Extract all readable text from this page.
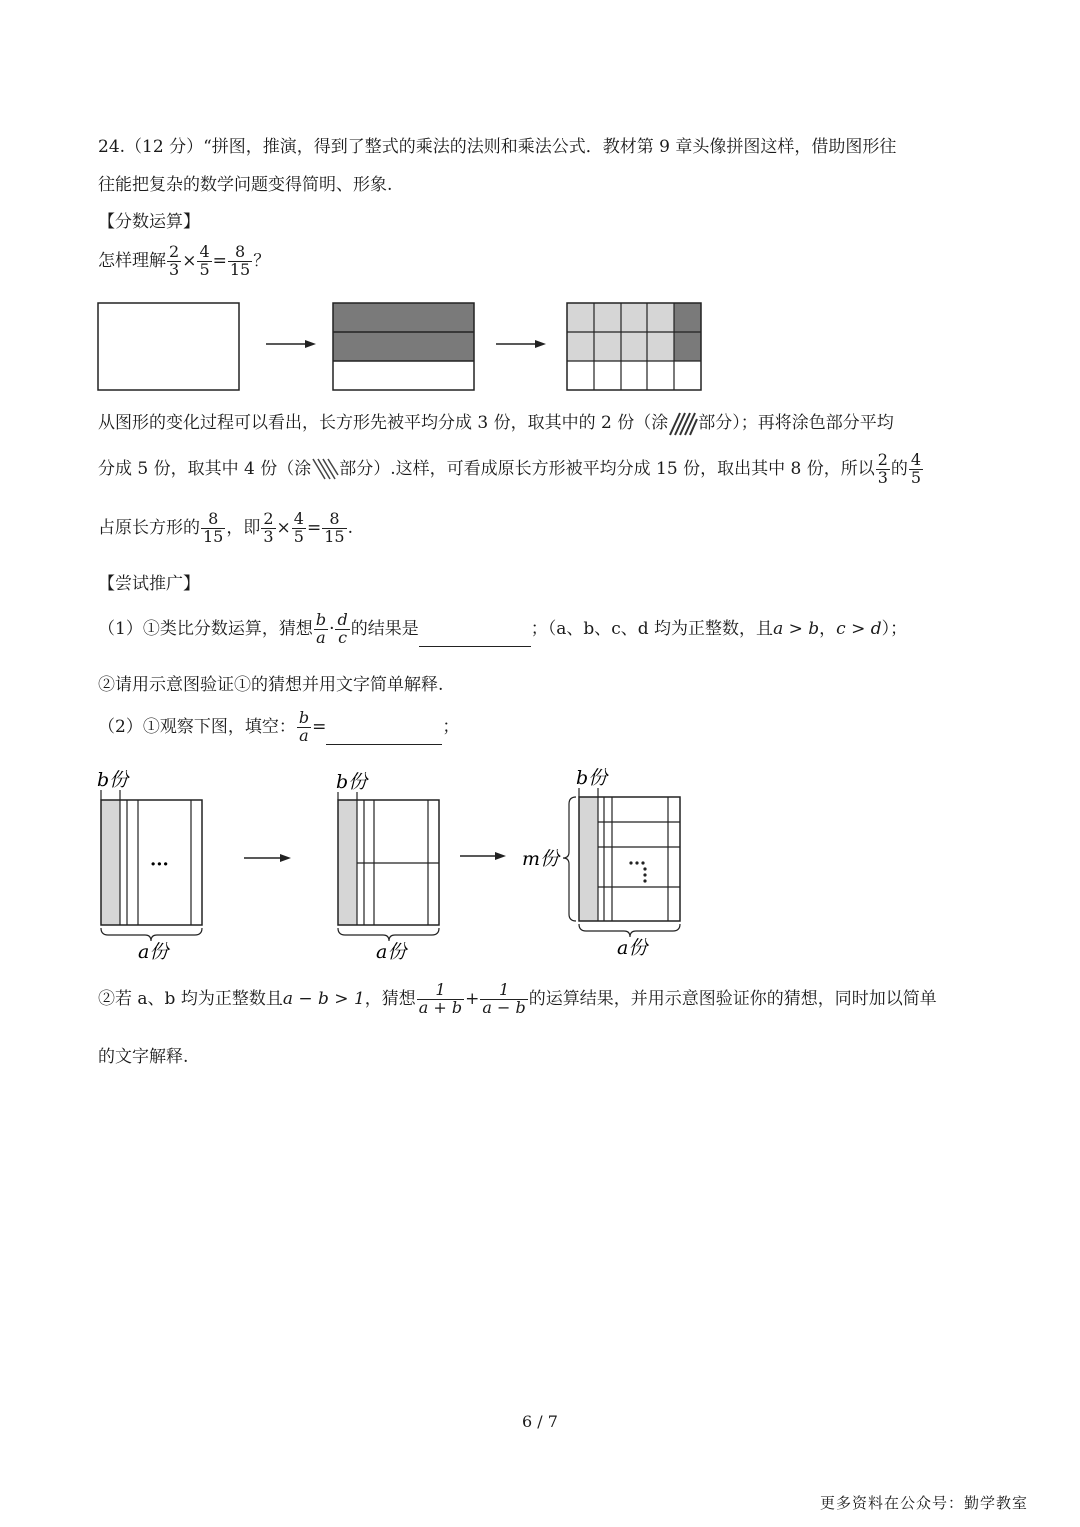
24.（12 分）“拼图，推演，得到了整式的乘法的法则和乘法公式．教材第 9 章头像拼图这样，借助图形往
往能把复杂的数学问题变得简明、形象.
【分数运算】
怎样理解 $\frac{2}{3} \times \frac{4}{5} = \frac{8}{15}$ ？
从图形的变化过程可以看出，长方形先被平均分成 3 份，取其中的 2 份（涂 部分）；再将涂色部分平均
分成 5 份，取其中 4 份（涂 部分）.这样，可看成原长方形被平均分成 15 份，取出其中 8 份，所以 $\frac{2}{3}$ 的 $\frac{4}{5}$
占原长方形的 $\frac{8}{15}$ ，即 $\frac{2}{3} \times \frac{4}{5} = \frac{8}{15}$ .
【尝试推广】
（1）①类比分数运算，猜想 $\frac{b}{a} \cdot \frac{d}{c}$ 的结果是	；（a、b、c、d 均为正整数，且a > b，c > d）；
②请用示意图验证①的猜想并用文字简单解释.
（2）①观察下图，填空： $\frac{b}{a}$ =	；
b份
···
a份
b份
a份
b份
m份
a份
②若 a、b 均为正整数且a − b > 1，猜想 $\frac{1}{a + b} + \frac{1}{a - b}$ 的运算结果，并用示意图验证你的猜想，同时加以简单
的文字解释.
6 / 7
更多资料在公众号：勤学教室
